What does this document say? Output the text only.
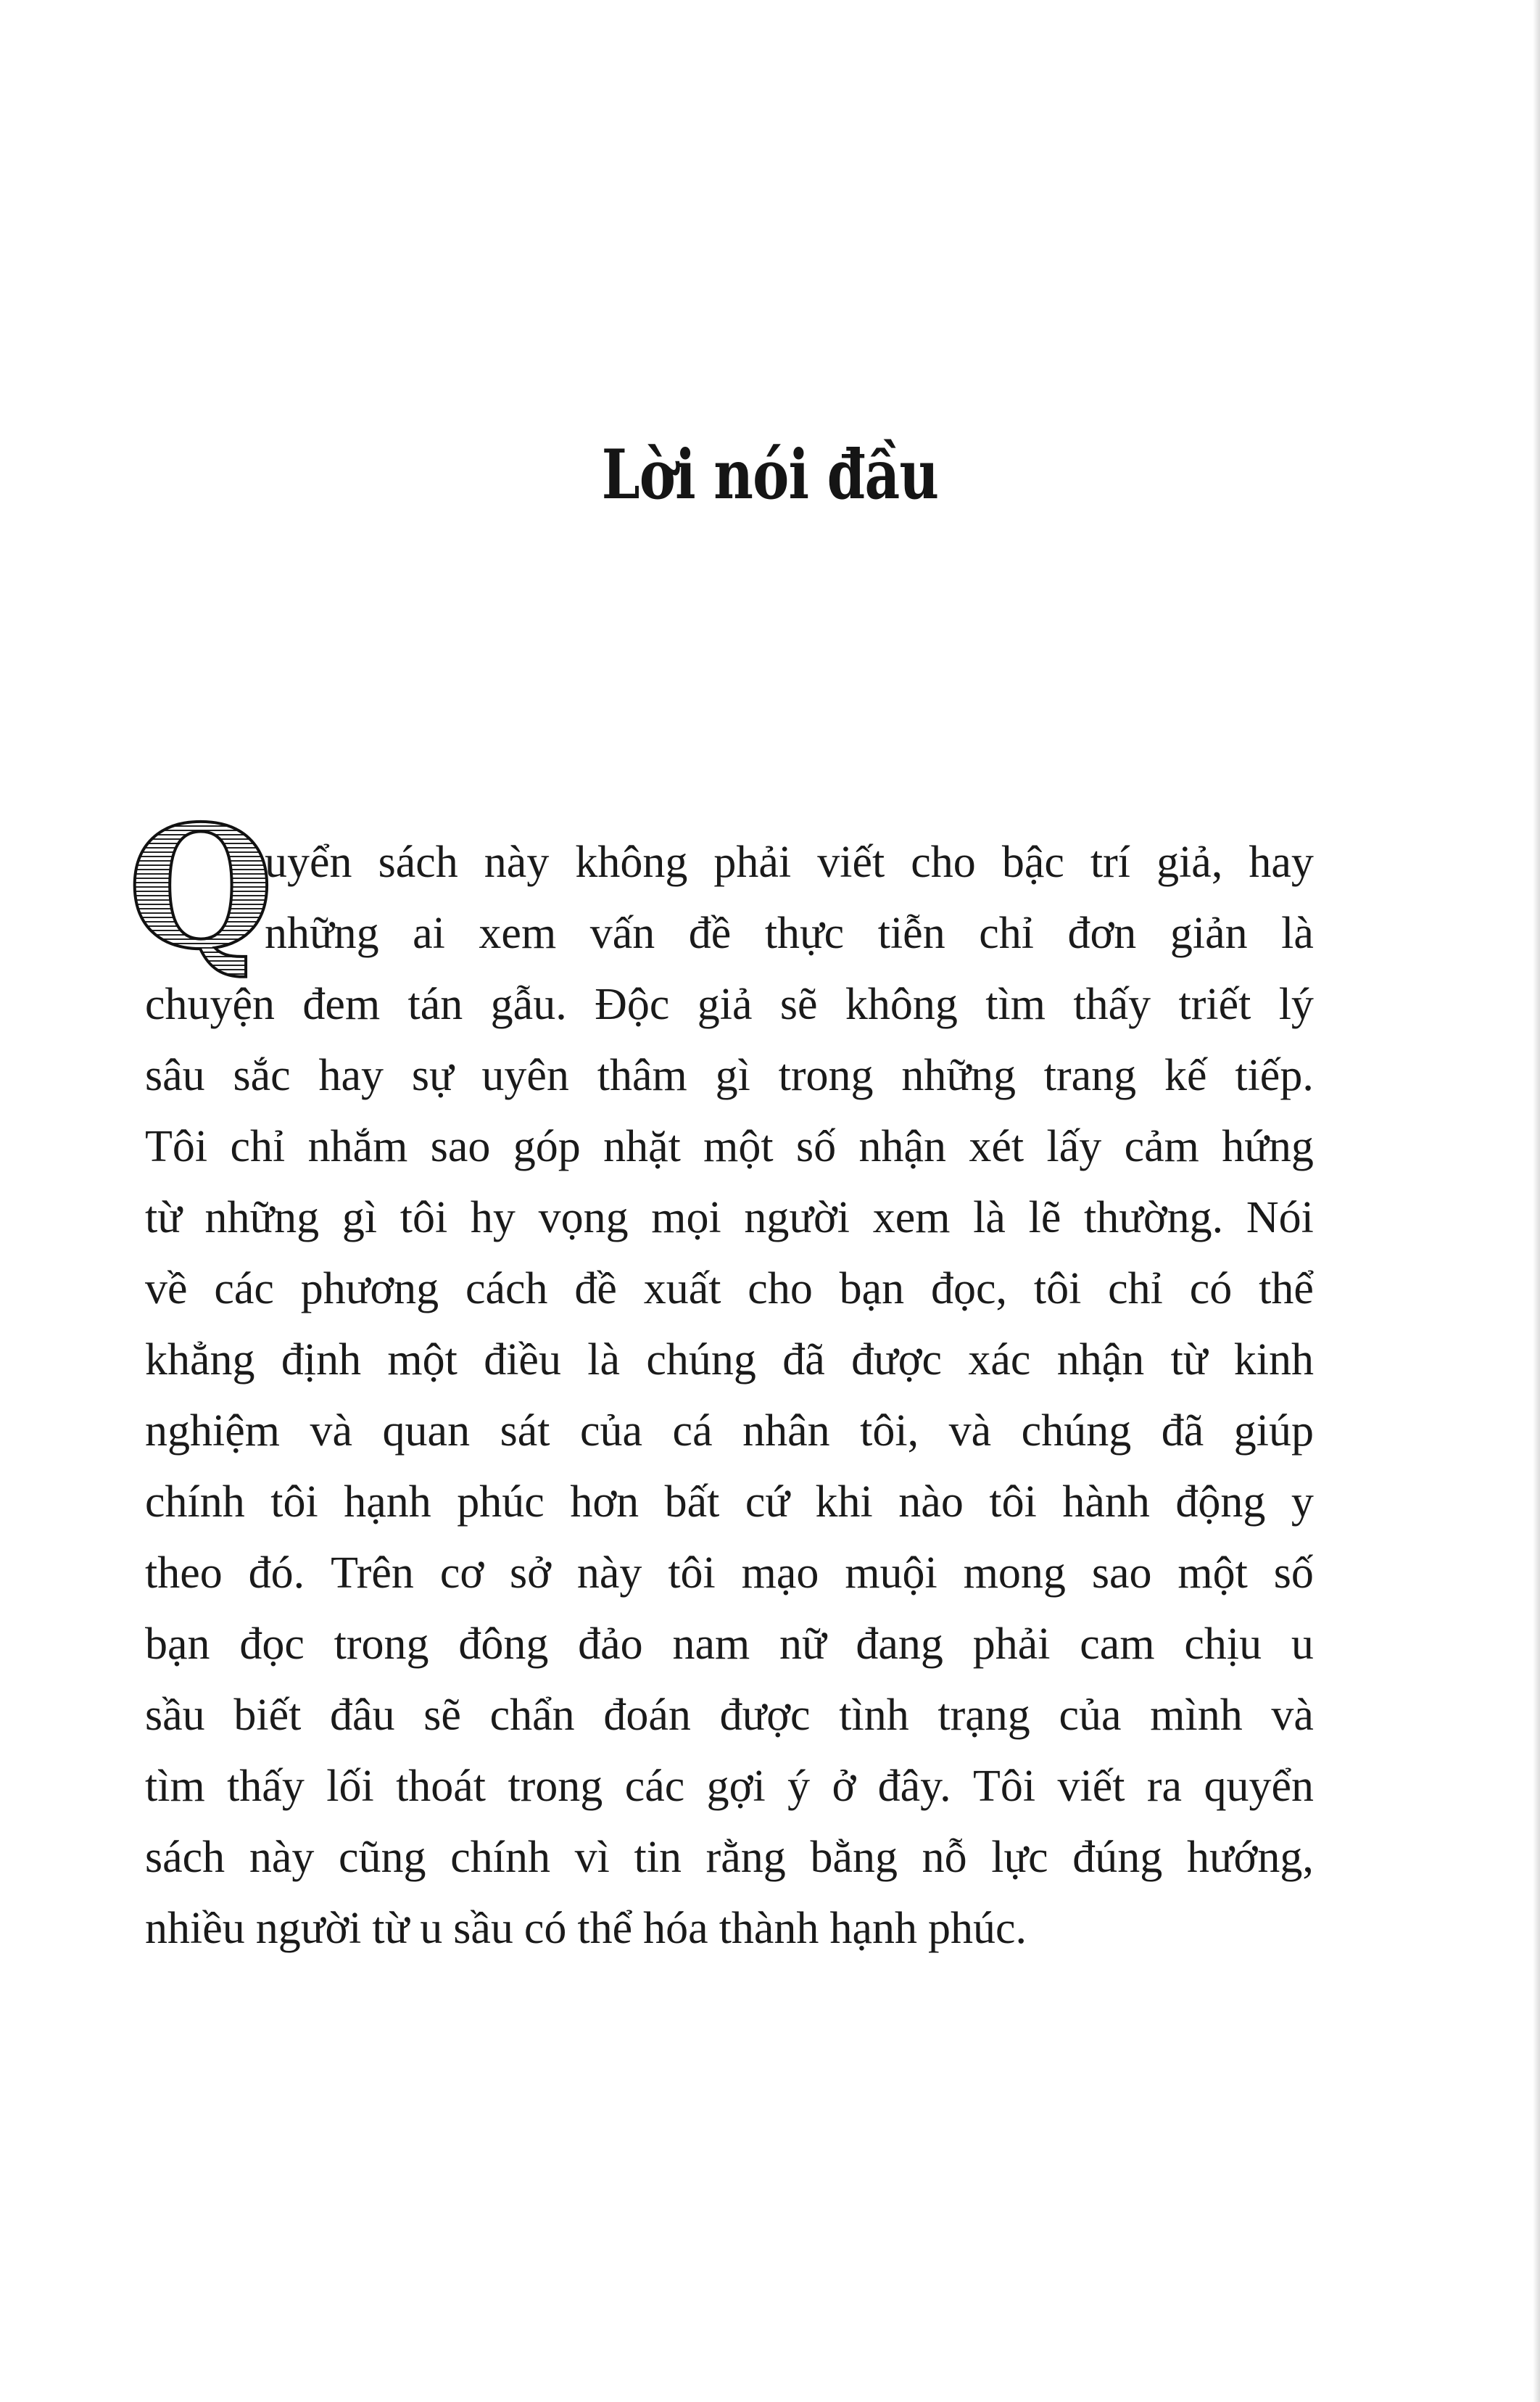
Lời nói đầu
Q
uyển sách này không phải viết cho bậc trí giả, hay
những ai xem vấn đề thực tiễn chỉ đơn giản là
chuyện đem tán gẫu. Độc giả sẽ không tìm thấy triết lý
sâu sắc hay sự uyên thâm gì trong những trang kế tiếp.
Tôi chỉ nhắm sao góp nhặt một số nhận xét lấy cảm hứng
từ những gì tôi hy vọng mọi người xem là lẽ thường. Nói
về các phương cách đề xuất cho bạn đọc, tôi chỉ có thể
khẳng định một điều là chúng đã được xác nhận từ kinh
nghiệm và quan sát của cá nhân tôi, và chúng đã giúp
chính tôi hạnh phúc hơn bất cứ khi nào tôi hành động y
theo đó. Trên cơ sở này tôi mạo muội mong sao một số
bạn đọc trong đông đảo nam nữ đang phải cam chịu u
sầu biết đâu sẽ chẩn đoán được tình trạng của mình và
tìm thấy lối thoát trong các gợi ý ở đây. Tôi viết ra quyển
sách này cũng chính vì tin rằng bằng nỗ lực đúng hướng,
nhiều người từ u sầu có thể hóa thành hạnh phúc.
